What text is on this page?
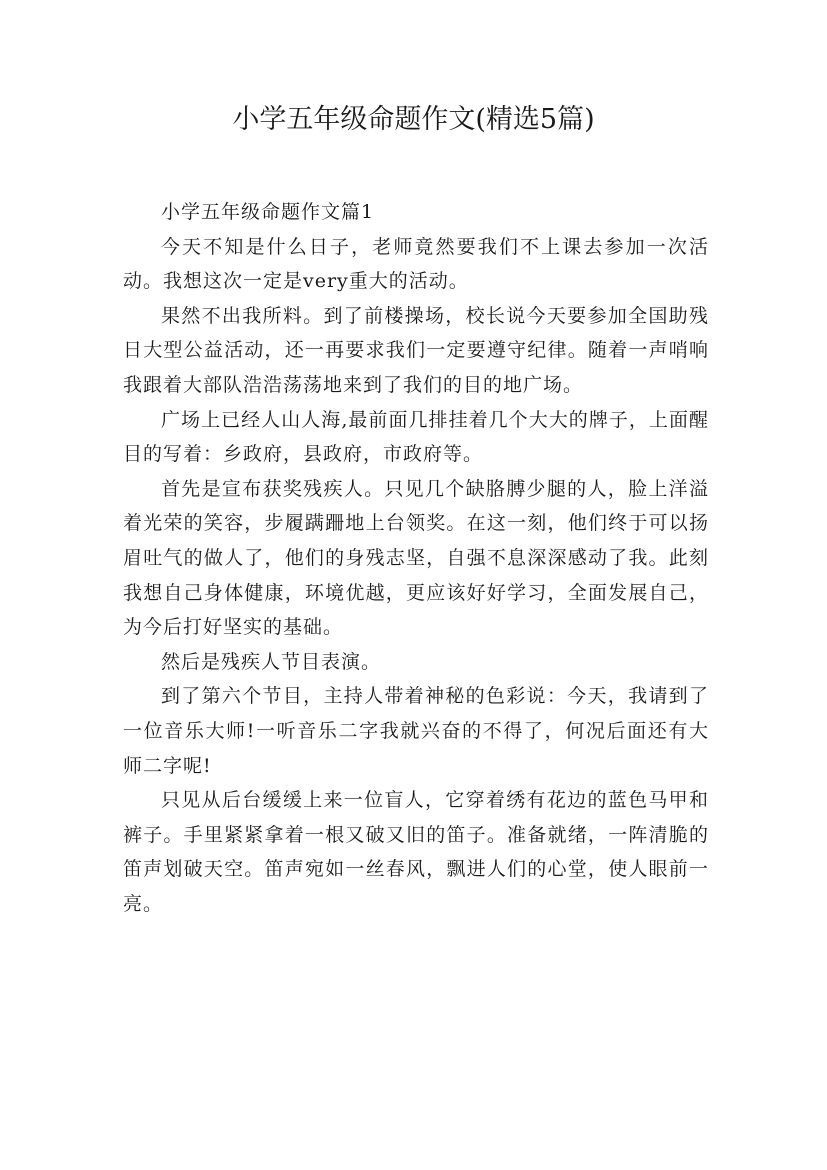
小学五年级命题作文(精选5篇)

小学五年级命题作文篇1

今天不知是什么日子，老师竟然要我们不上课去参加一次活动。我想这次一定是very重大的活动。

果然不出我所料。到了前楼操场，校长说今天要参加全国助残日大型公益活动，还一再要求我们一定要遵守纪律。随着一声哨响我跟着大部队浩浩荡荡地来到了我们的目的地广场。

广场上已经人山人海,最前面几排挂着几个大大的牌子，上面醒目的写着：乡政府，县政府，市政府等。

首先是宣布获奖残疾人。只见几个缺胳膊少腿的人，脸上洋溢着光荣的笑容，步履蹒跚地上台领奖。在这一刻，他们终于可以扬眉吐气的做人了，他们的身残志坚，自强不息深深感动了我。此刻我想自己身体健康，环境优越，更应该好好学习，全面发展自己，为今后打好坚实的基础。

然后是残疾人节目表演。

到了第六个节目，主持人带着神秘的色彩说：今天，我请到了一位音乐大师!一听音乐二字我就兴奋的不得了，何况后面还有大师二字呢!

只见从后台缓缓上来一位盲人，它穿着绣有花边的蓝色马甲和裤子。手里紧紧拿着一根又破又旧的笛子。准备就绪，一阵清脆的笛声划破天空。笛声宛如一丝春风，飘进人们的心堂，使人眼前一亮。
